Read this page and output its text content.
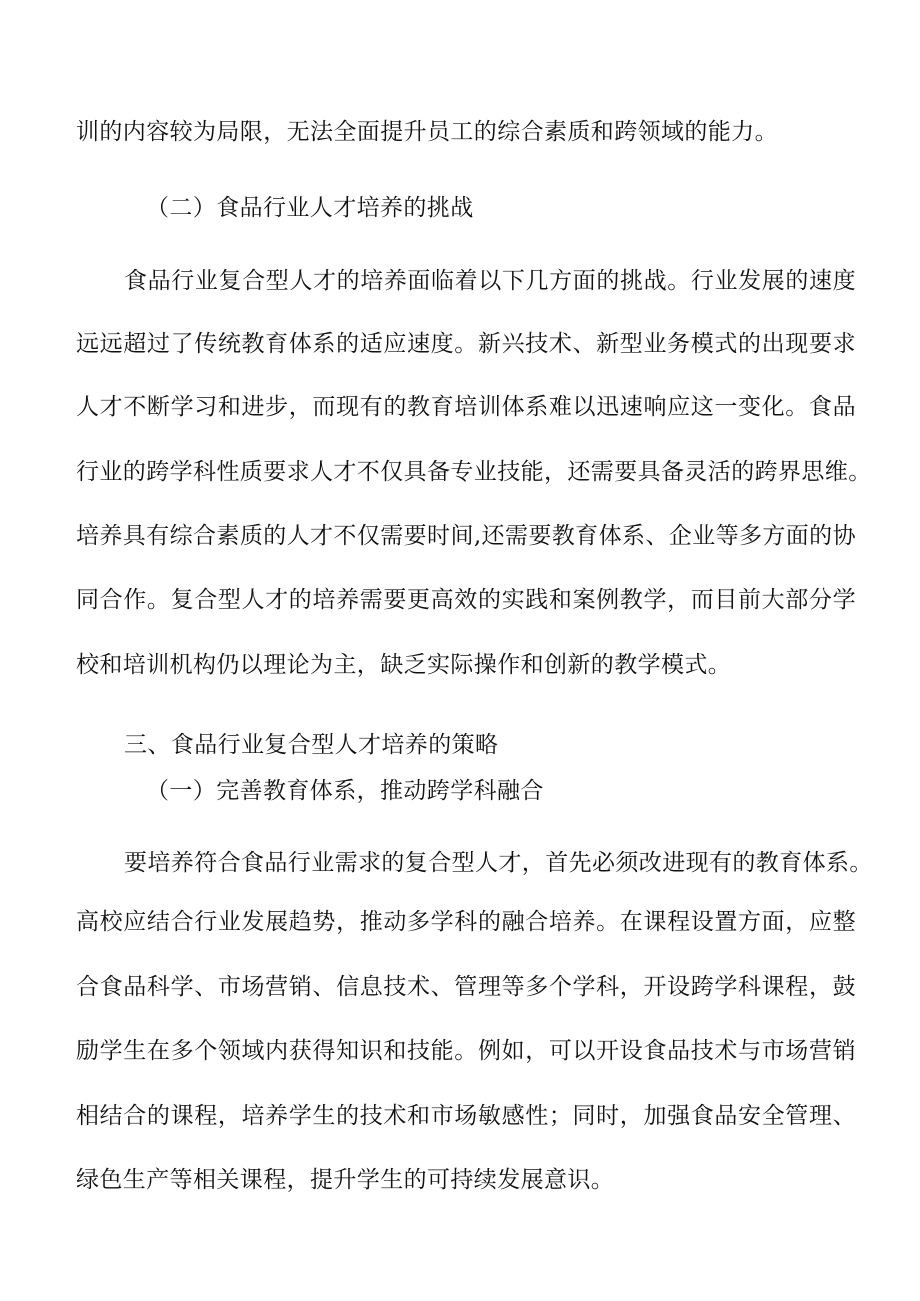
训的内容较为局限，无法全面提升员工的综合素质和跨领域的能力。
（二）食品行业人才培养的挑战
食品行业复合型人才的培养面临着以下几方面的挑战。行业发展的速度
远远超过了传统教育体系的适应速度。新兴技术、新型业务模式的出现要求
人才不断学习和进步，而现有的教育培训体系难以迅速响应这一变化。食品
行业的跨学科性质要求人才不仅具备专业技能，还需要具备灵活的跨界思维。
培养具有综合素质的人才不仅需要时间,还需要教育体系、企业等多方面的协
同合作。复合型人才的培养需要更高效的实践和案例教学，而目前大部分学
校和培训机构仍以理论为主，缺乏实际操作和创新的教学模式。
三、食品行业复合型人才培养的策略
（一）完善教育体系，推动跨学科融合
要培养符合食品行业需求的复合型人才，首先必须改进现有的教育体系。
高校应结合行业发展趋势，推动多学科的融合培养。在课程设置方面，应整
合食品科学、市场营销、信息技术、管理等多个学科，开设跨学科课程，鼓
励学生在多个领域内获得知识和技能。例如，可以开设食品技术与市场营销
相结合的课程，培养学生的技术和市场敏感性；同时，加强食品安全管理、
绿色生产等相关课程，提升学生的可持续发展意识。
